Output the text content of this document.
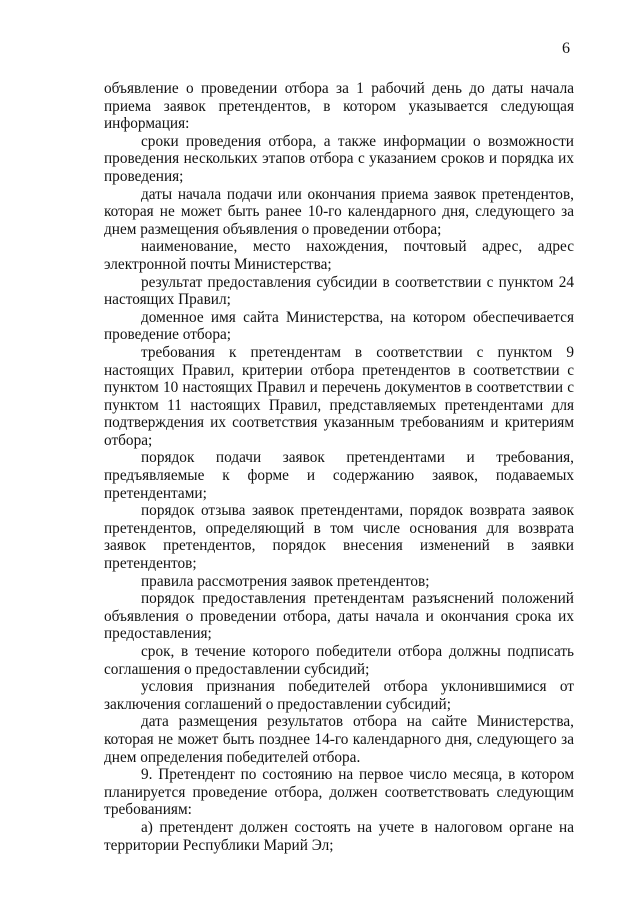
6

объявление о проведении отбора за 1 рабочий день до даты начала приема заявок претендентов, в котором указывается следующая информация:

сроки проведения отбора, а также информации о возможности проведения нескольких этапов отбора с указанием сроков и порядка их проведения;

даты начала подачи или окончания приема заявок претендентов, которая не может быть ранее 10-го календарного дня, следующего за днем размещения объявления о проведении отбора;

наименование, место нахождения, почтовый адрес, адрес электронной почты Министерства;

результат предоставления субсидии в соответствии с пунктом 24 настоящих Правил;

доменное имя сайта Министерства, на котором обеспечивается проведение отбора;

требования к претендентам в соответствии с пунктом 9 настоящих Правил, критерии отбора претендентов в соответствии с пунктом 10 настоящих Правил и перечень документов в соответствии с пунктом 11 настоящих Правил, представляемых претендентами для подтверждения их соответствия указанным требованиям и критериям отбора;

порядок подачи заявок претендентами и требования, предъявляемые к форме и содержанию заявок, подаваемых претендентами;

порядок отзыва заявок претендентами, порядок возврата заявок претендентов, определяющий в том числе основания для возврата заявок претендентов, порядок внесения изменений в заявки претендентов;

правила рассмотрения заявок претендентов;

порядок предоставления претендентам разъяснений положений объявления о проведении отбора, даты начала и окончания срока их предоставления;

срок, в течение которого победители отбора должны подписать соглашения о предоставлении субсидий;

условия признания победителей отбора уклонившимися от заключения соглашений о предоставлении субсидий;

дата размещения результатов отбора на сайте Министерства, которая не может быть позднее 14-го календарного дня, следующего за днем определения победителей отбора.

9. Претендент по состоянию на первое число месяца, в котором планируется проведение отбора, должен соответствовать следующим требованиям:

а) претендент должен состоять на учете в налоговом органе на территории Республики Марий Эл;
